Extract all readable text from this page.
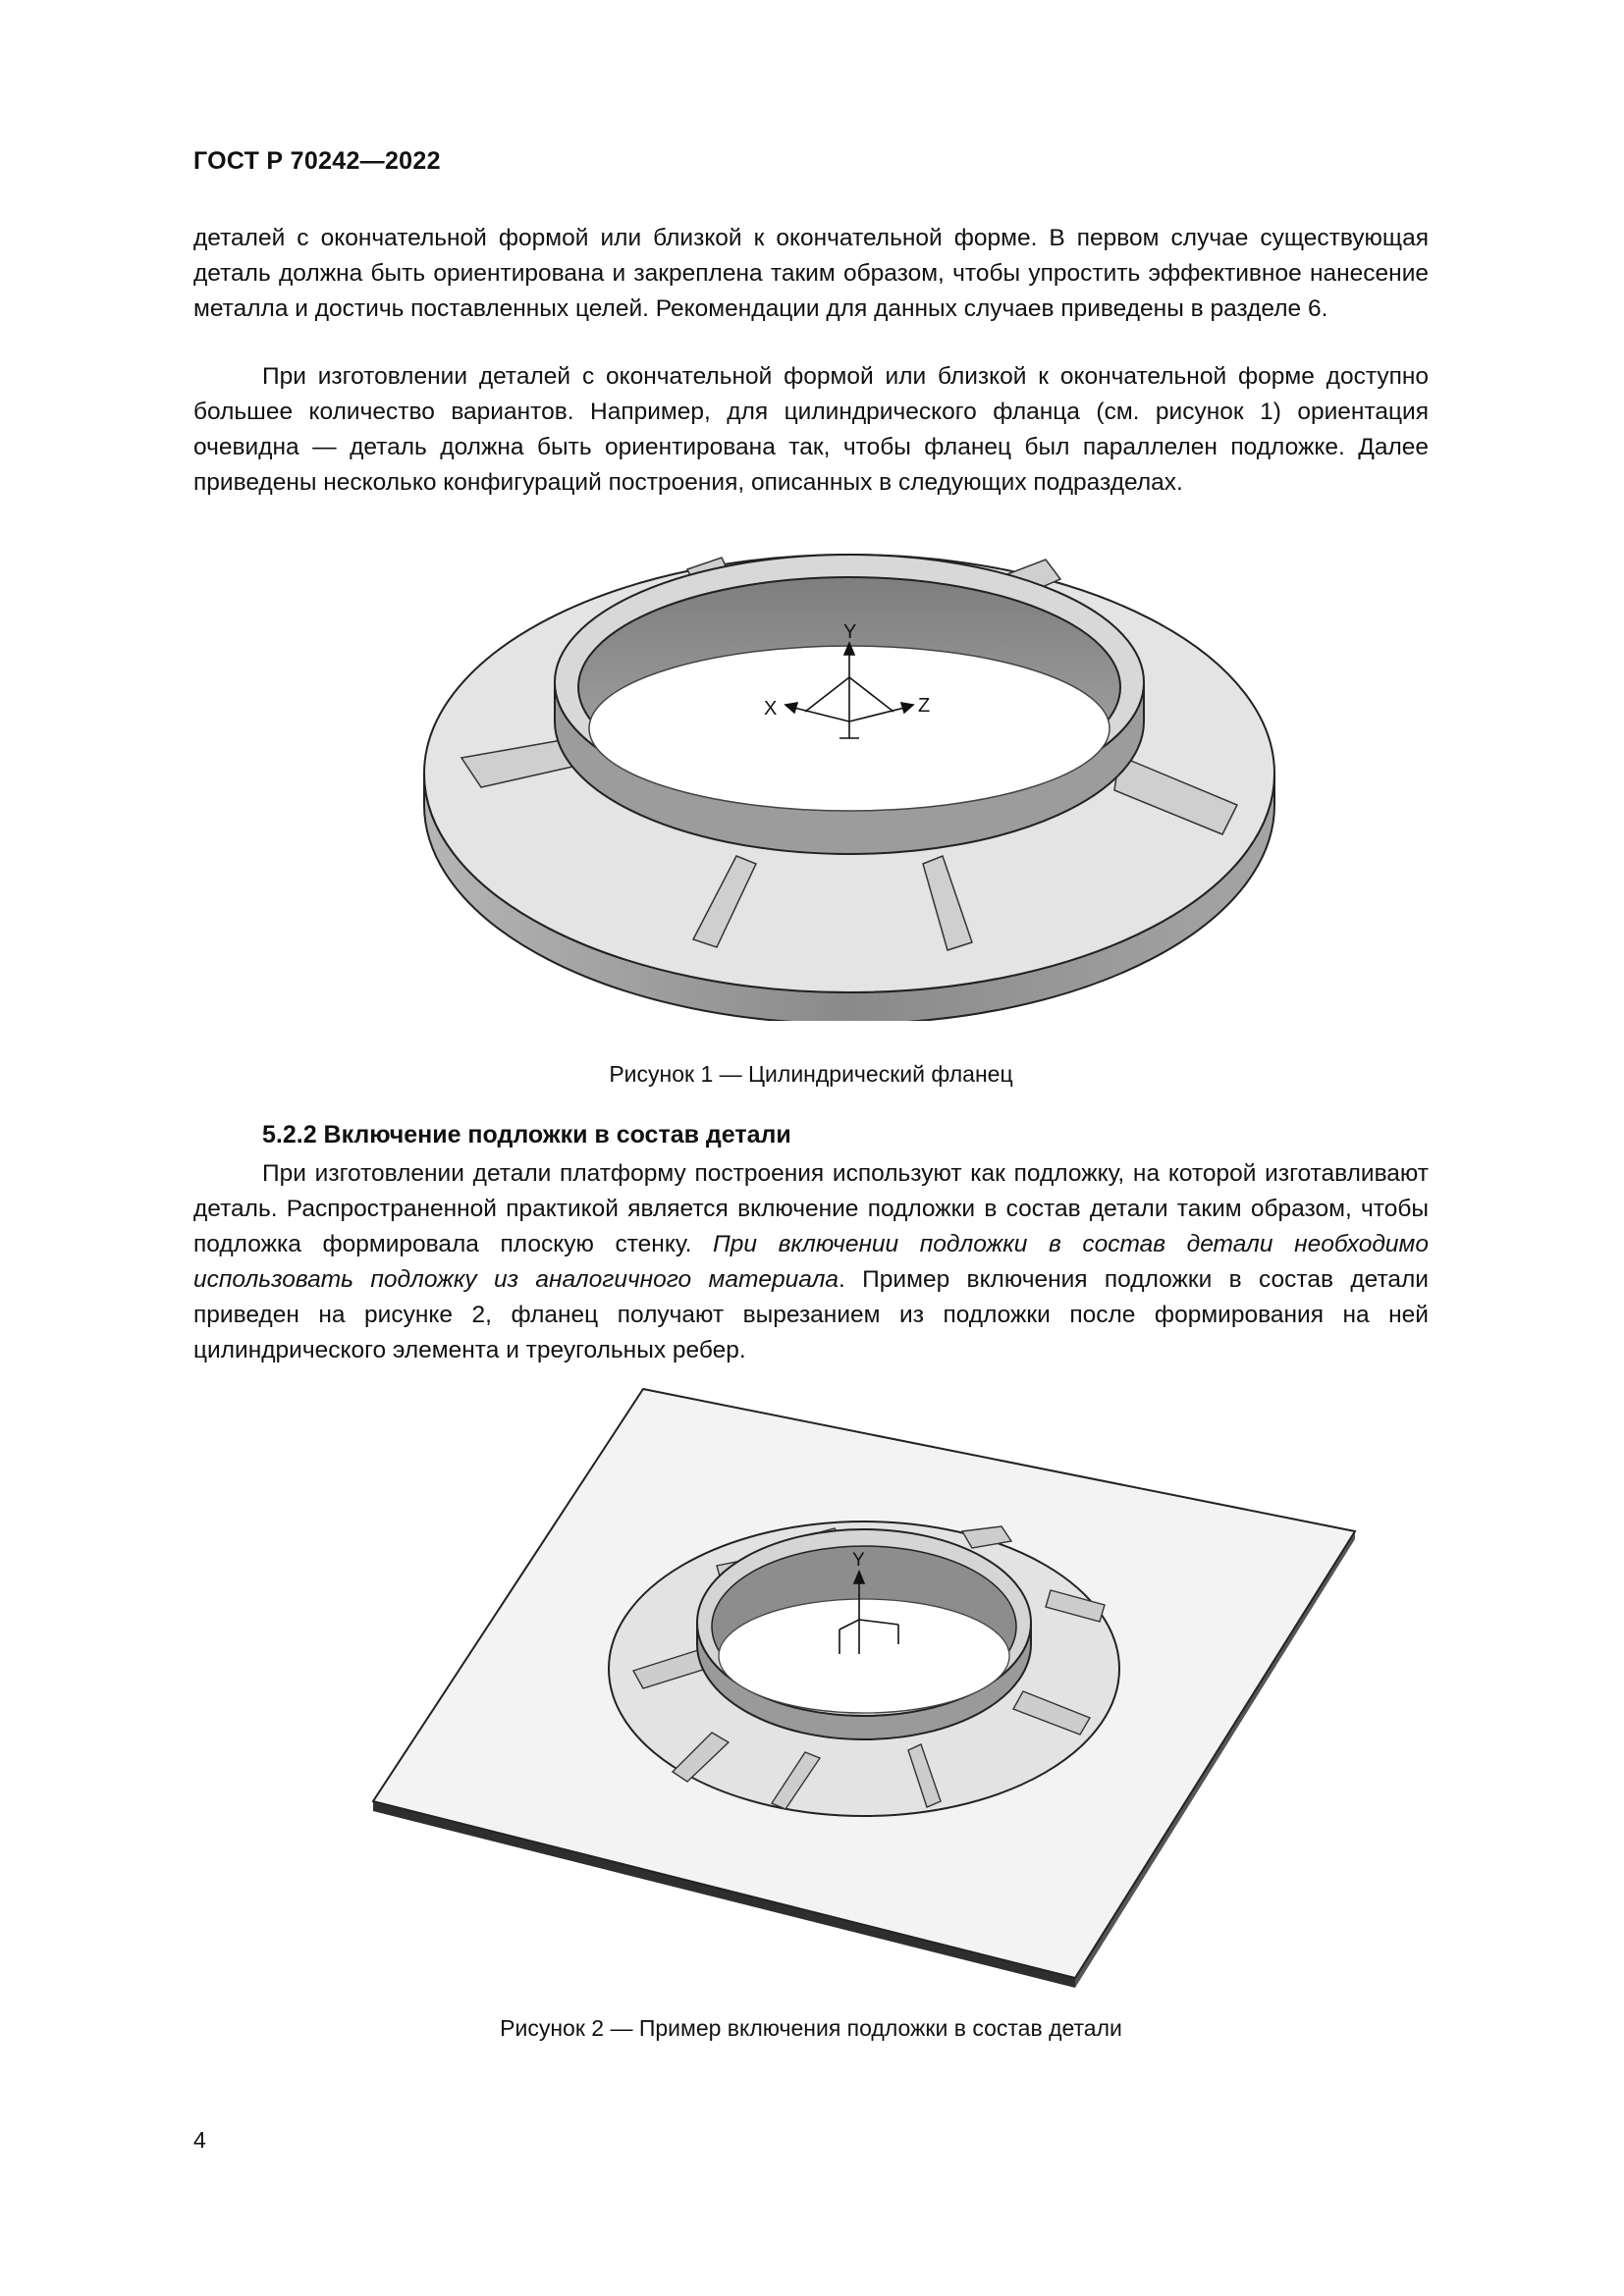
ГОСТ Р 70242—2022

деталей с окончательной формой или близкой к окончательной форме. В первом случае существующая деталь должна быть ориентирована и закреплена таким образом, чтобы упростить эффективное нанесение металла и достичь поставленных целей. Рекомендации для данных случаев приведены в разделе 6.

При изготовлении деталей с окончательной формой или близкой к окончательной форме доступно большее количество вариантов. Например, для цилиндрического фланца (см. рисунок 1) ориентация очевидна — деталь должна быть ориентирована так, чтобы фланец был параллелен подложке. Далее приведены несколько конфигураций построения, описанных в следующих подразделах.

Y
X	Z
Рисунок 1 — Цилиндрический фланец
5.2.2 Включение подложки в состав детали

При изготовлении детали платформу построения используют как подложку, на которой изготавливают деталь. Распространенной практикой является включение подложки в состав детали таким образом, чтобы подложка формировала плоскую стенку. При включении подложки в состав детали необходимо использовать подложку из аналогичного материала. Пример включения подложки в состав детали приведен на рисунке 2, фланец получают вырезанием из подложки после формирования на ней цилиндрического элемента и треугольных ребер.

Y
Рисунок 2 — Пример включения подложки в состав детали
4
